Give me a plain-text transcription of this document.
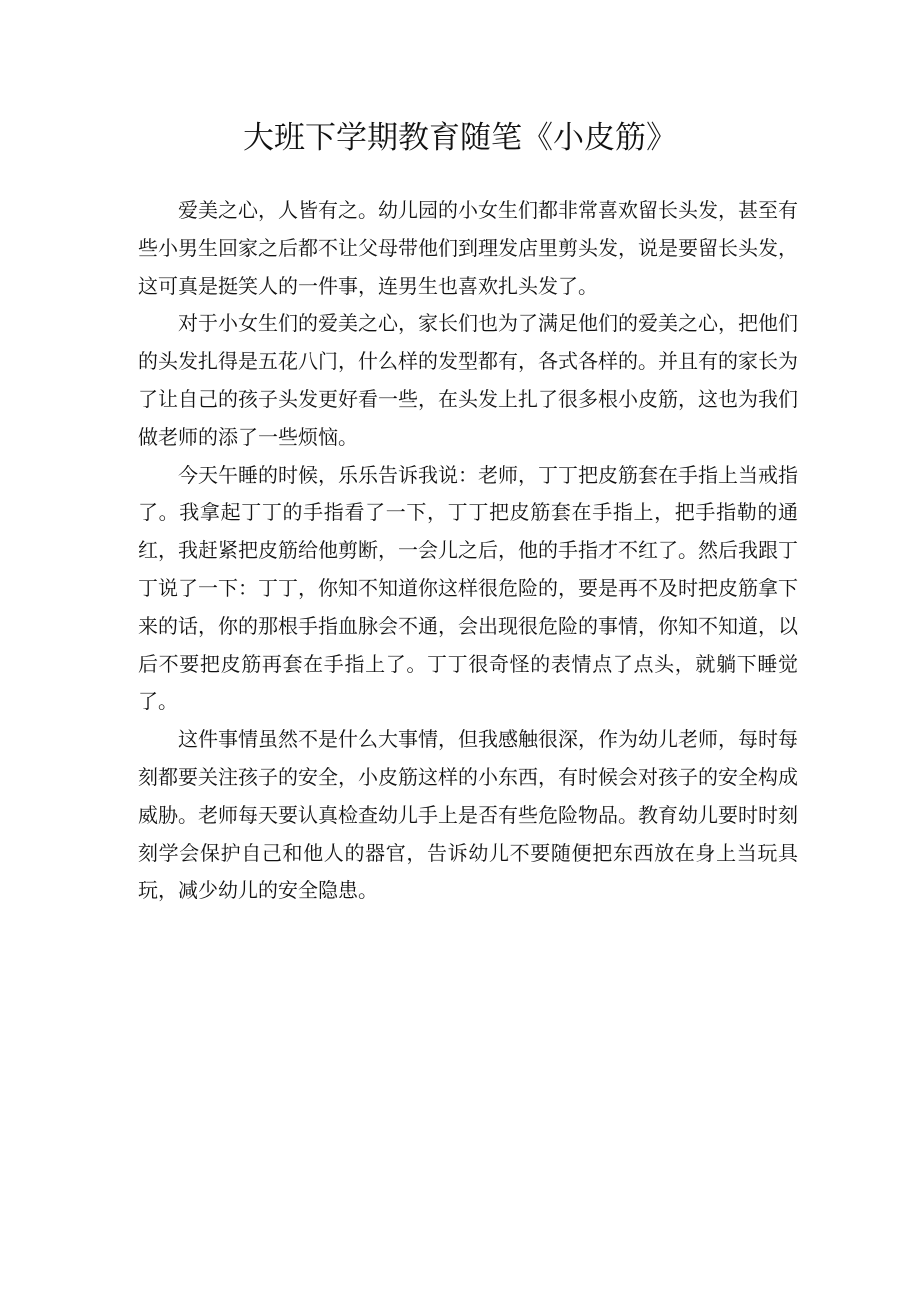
大班下学期教育随笔《小皮筋》

爱美之心，人皆有之。幼儿园的小女生们都非常喜欢留长头发，甚至有些小男生回家之后都不让父母带他们到理发店里剪头发，说是要留长头发，这可真是挺笑人的一件事，连男生也喜欢扎头发了。

对于小女生们的爱美之心，家长们也为了满足他们的爱美之心，把他们的头发扎得是五花八门，什么样的发型都有，各式各样的。并且有的家长为了让自己的孩子头发更好看一些，在头发上扎了很多根小皮筋，这也为我们做老师的添了一些烦恼。

今天午睡的时候，乐乐告诉我说：老师，丁丁把皮筋套在手指上当戒指了。我拿起丁丁的手指看了一下，丁丁把皮筋套在手指上，把手指勒的通红，我赶紧把皮筋给他剪断，一会儿之后，他的手指才不红了。然后我跟丁丁说了一下：丁丁，你知不知道你这样很危险的，要是再不及时把皮筋拿下来的话，你的那根手指血脉会不通，会出现很危险的事情，你知不知道，以后不要把皮筋再套在手指上了。丁丁很奇怪的表情点了点头，就躺下睡觉了。

这件事情虽然不是什么大事情，但我感触很深，作为幼儿老师，每时每刻都要关注孩子的安全，小皮筋这样的小东西，有时候会对孩子的安全构成威胁。老师每天要认真检查幼儿手上是否有些危险物品。教育幼儿要时时刻刻学会保护自己和他人的器官，告诉幼儿不要随便把东西放在身上当玩具玩，减少幼儿的安全隐患。
